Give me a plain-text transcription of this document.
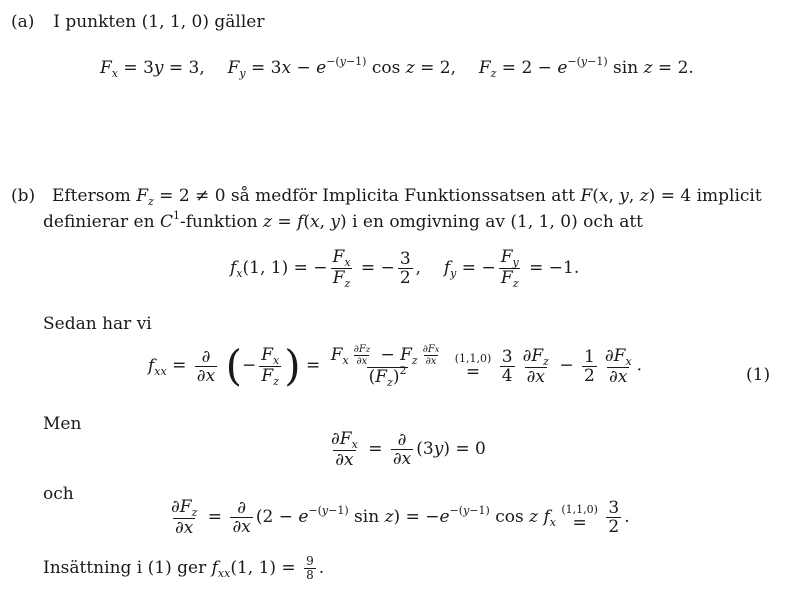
(a) I punkten (1, 1, 0) gäller
$F_x = 3y = 3$,  $F_y = 3x - e^{-(y-1)}$ cos z = 2,  $F_z = 2 - e^{-(y-1)}$ sin z = 2.
(b) Eftersom $F_z = 2 \ne 0$ så medför Implicita Funktionssatsen att F(x, y, z) = 4 implicit
definierar en $C^1$-funktion z = f(x, y) i en omgivning av (1, 1, 0) och att
$f_x(1$, 1) = − $\frac{F_x}{F_z}$ = − $\frac{3}{2}$ ,  $f_y$ = − $\frac{F_y}{F_z} = -1$.
Sedan har vi
$f_{xx} = \frac{\partial}{\partial x}$ (− $\frac{F_x}{F_z}$ ) = $\frac{F_x \frac{\partial Fz}{\partial x} - F_z \frac{\partial Fx}{\partial x}}{(F_z)^2}$
(1,1,0)
=
$\frac{3}{4} \frac{\partial F_z}{\partial x} - \frac{1}{2} \frac{\partial F_x}{\partial x}$ .	(1)
Men
$\frac{\partial F_x}{\partial x} = \frac{\partial}{\partial x} (3y) = 0$
och
$\frac{\partial F_z}{\partial x} = \frac{\partial}{\partial x} (2 - e^{-(y-1)}$ $\sin z) = -e^{-(y-1)}$ cos z $f_x$
(1,1,0)
=
$\frac{3}{2}$ .
Insättning i (1) ger $f_{xx}(1$, $1) = \frac{9}{8}$ .
